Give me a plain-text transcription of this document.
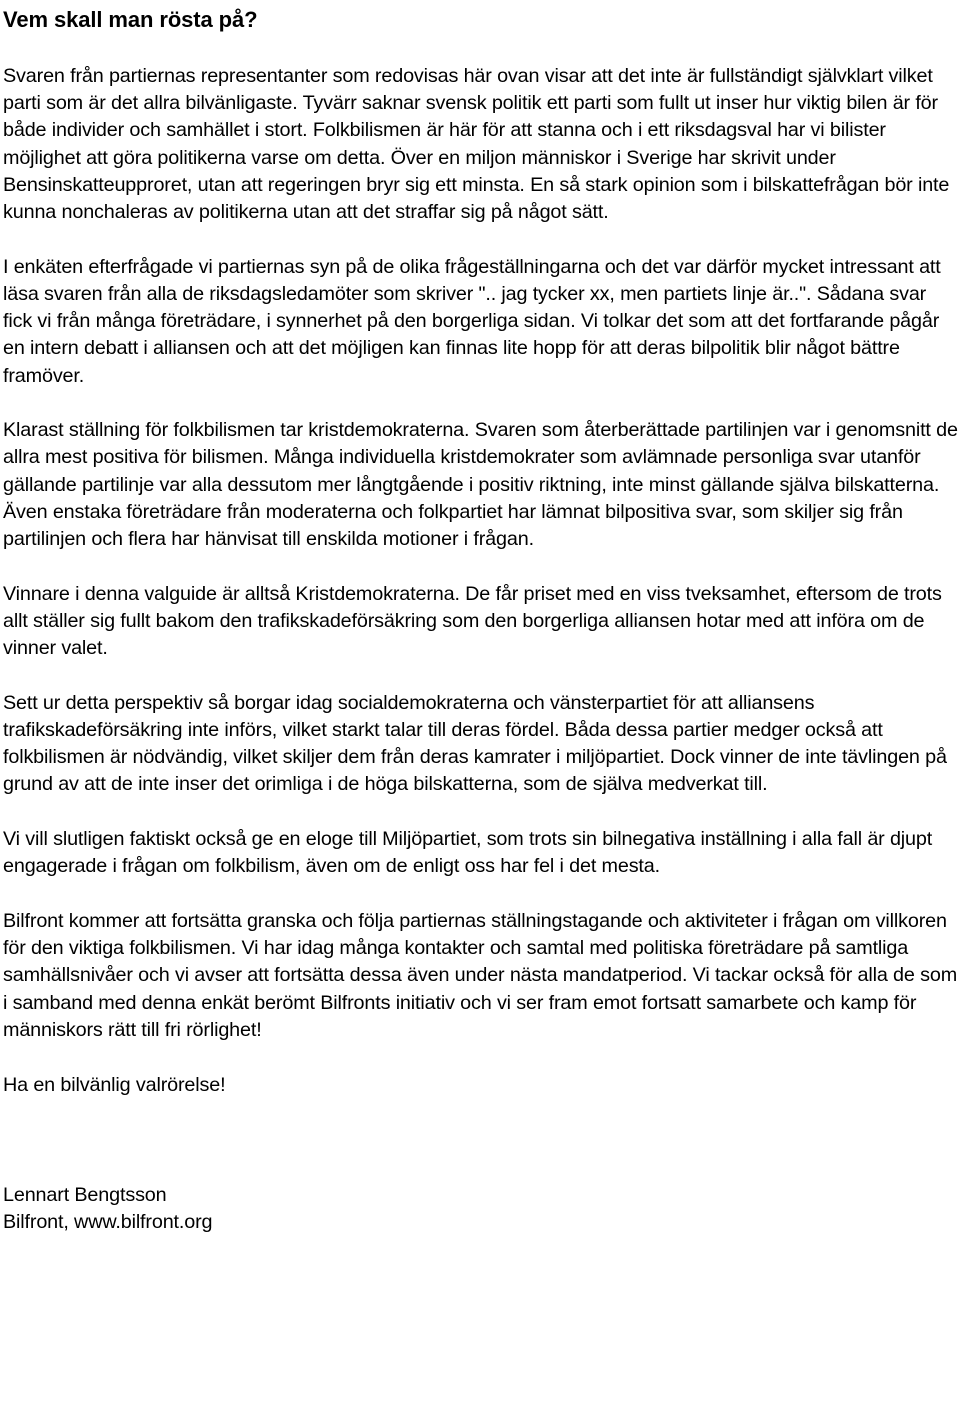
Vem skall man rösta på?

Svaren från partiernas representanter som redovisas här ovan visar att det inte är fullständigt självklart vilket parti som är det allra bilvänligaste. Tyvärr saknar svensk politik ett parti som fullt ut inser hur viktig bilen är för både individer och samhället i stort. Folkbilismen är här för att stanna och i ett riksdagsval har vi bilister möjlighet att göra politikerna varse om detta. Över en miljon människor i Sverige har skrivit under Bensinskatteupproret, utan att regeringen bryr sig ett minsta. En så stark opinion som i bilskattefrågan bör inte kunna nonchaleras av politikerna utan att det straffar sig på något sätt.

I enkäten efterfrågade vi partiernas syn på de olika frågeställningarna och det var därför mycket intressant att läsa svaren från alla de riksdagsledamöter som skriver ".. jag tycker xx, men partiets linje är..". Sådana svar fick vi från många företrädare, i synnerhet på den borgerliga sidan. Vi tolkar det som att det fortfarande pågår en intern debatt i alliansen och att det möjligen kan finnas lite hopp för att deras bilpolitik blir något bättre framöver.

Klarast ställning för folkbilismen tar kristdemokraterna. Svaren som återberättade partilinjen var i genomsnitt de allra mest positiva för bilismen. Många individuella kristdemokrater som avlämnade personliga svar utanför gällande partilinje var alla dessutom mer långtgående i positiv riktning, inte minst gällande själva bilskatterna. Även enstaka företrädare från moderaterna och folkpartiet har lämnat bilpositiva svar, som skiljer sig från partilinjen och flera har hänvisat till enskilda motioner i frågan.

Vinnare i denna valguide är alltså Kristdemokraterna. De får priset med en viss tveksamhet, eftersom de trots allt ställer sig fullt bakom den trafikskadeförsäkring som den borgerliga alliansen hotar med att införa om de vinner valet.

Sett ur detta perspektiv så borgar idag socialdemokraterna och vänsterpartiet för att alliansens trafikskadeförsäkring inte införs, vilket starkt talar till deras fördel. Båda dessa partier medger också att folkbilismen är nödvändig, vilket skiljer dem från deras kamrater i miljöpartiet. Dock vinner de inte tävlingen på grund av att de inte inser det orimliga i de höga bilskatterna, som de själva medverkat till.

Vi vill slutligen faktiskt också ge en eloge till Miljöpartiet, som trots sin bilnegativa inställning i alla fall är djupt engagerade i frågan om folkbilism, även om de enligt oss har fel i det mesta.

Bilfront kommer att fortsätta granska och följa partiernas ställningstagande och aktiviteter i frågan om villkoren för den viktiga folkbilismen. Vi har idag många kontakter och samtal med politiska företrädare på samtliga samhällsnivåer och vi avser att fortsätta dessa även under nästa mandatperiod. Vi tackar också för alla de som i samband med denna enkät berömt Bilfronts initiativ och vi ser fram emot fortsatt samarbete och kamp för människors rätt till fri rörlighet!

Ha en bilvänlig valrörelse!

Lennart Bengtsson

Bilfront, www.bilfront.org
